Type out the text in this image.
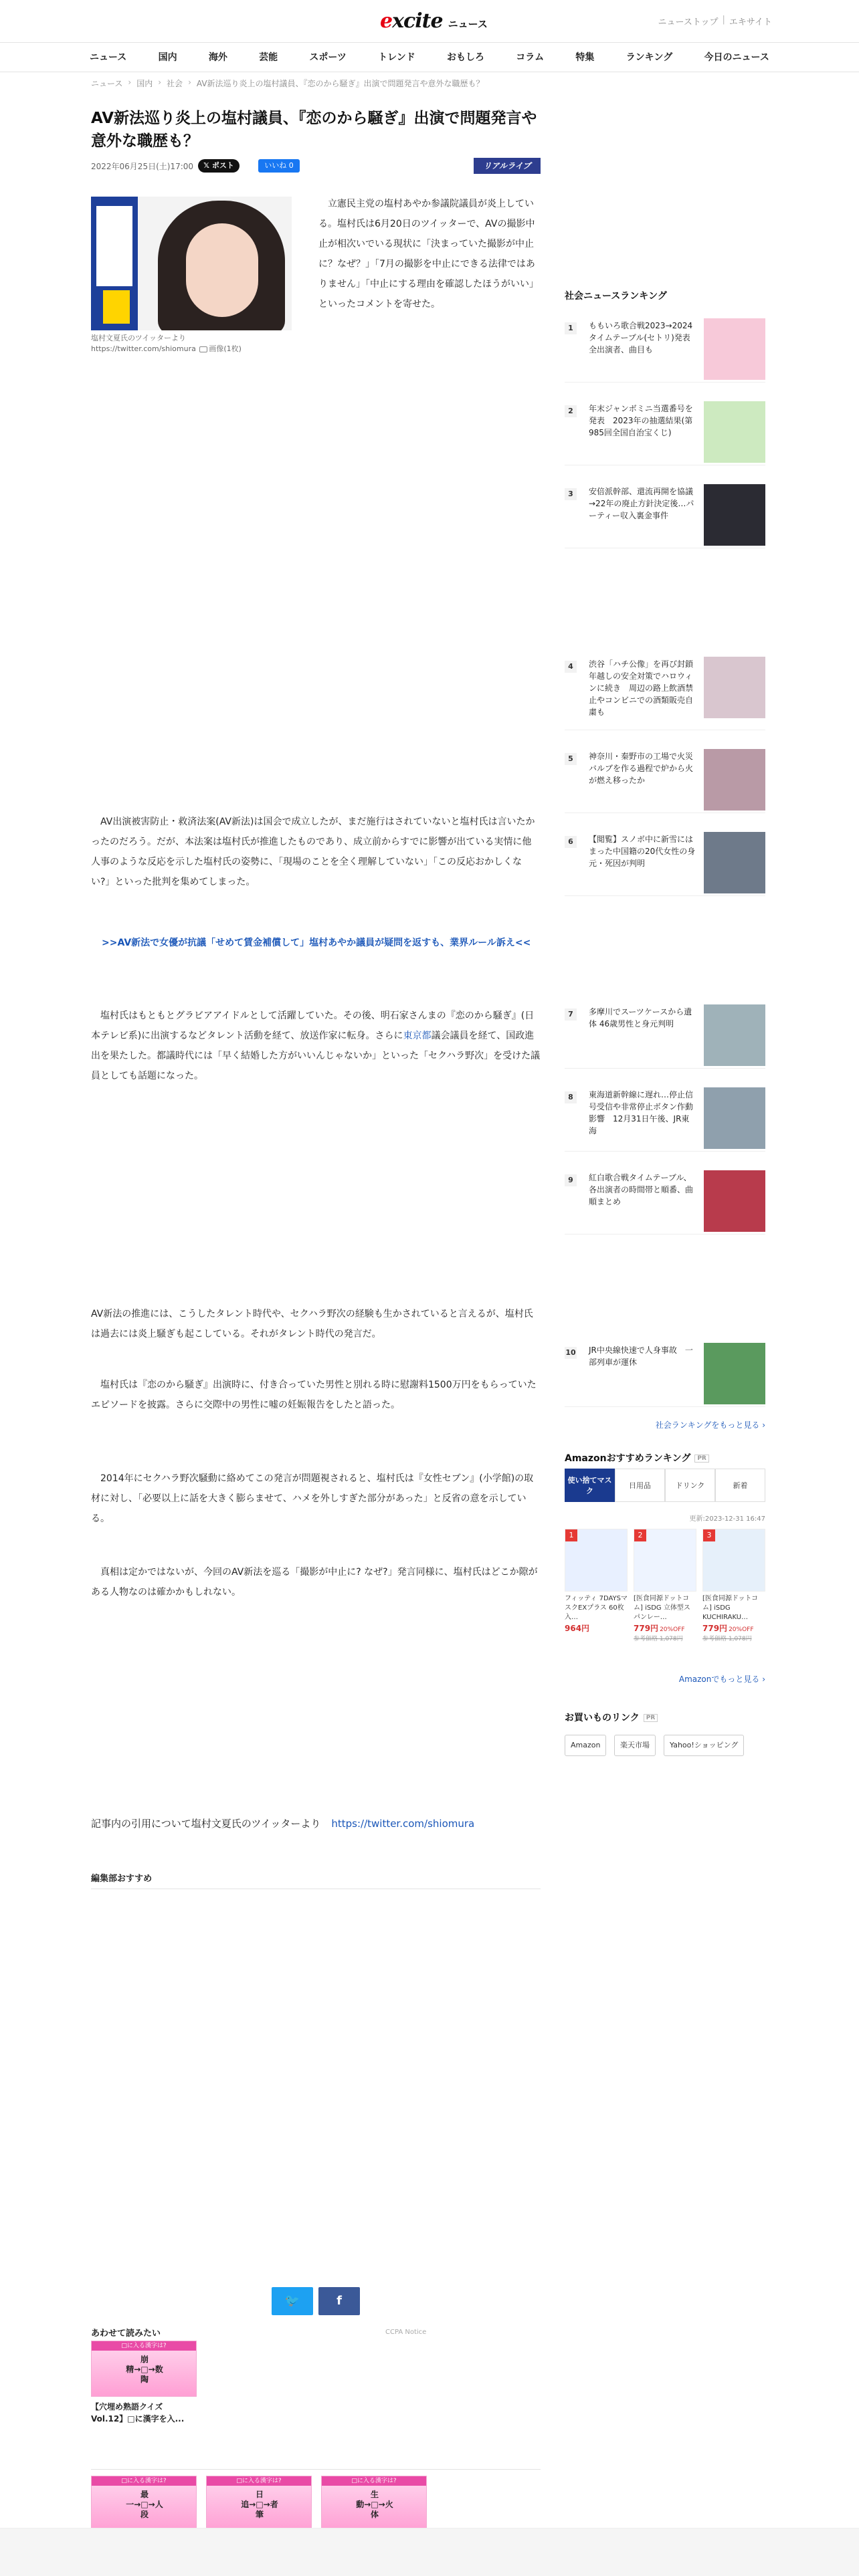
excite ニュース	ニューストップ | エキサイト
ニュース	国内	海外	芸能	スポーツ	トレンド	おもしろ	コラム	特集	ランキング	今日のニュース
ニュース › 国内 › 社会 › AV新法巡り炎上の塩村議員、『恋のから騒ぎ』出演で問題発言や意外な職歴も？
AV新法巡り炎上の塩村議員、『恋のから騒ぎ』出演で問題発言や意外な職歴も？
2022年06月25日(土)17:00	𝕏 ポスト	いいね 0	リアルライブ
塩村文夏氏のツイッターより　https://twitter.com/shiomura 画像(1枚)

立憲民主党の塩村あやか参議院議員が炎上している。塩村氏は6月20日のツイッターで、AVの撮影中止が相次いでいる現状に「決まっていた撮影が中止に？なぜ？」「7月の撮影を中止にできる法律ではありません」「中止にする理由を確認したほうがいい」といったコメントを寄せた。

AV出演被害防止・救済法案(AV新法)は国会で成立したが、まだ施行はされていないと塩村氏は言いたかったのだろう。だが、本法案は塩村氏が推進したものであり、成立前からすでに影響が出ている実情に他人事のような反応を示した塩村氏の姿勢に、「現場のことを全く理解していない」「この反応おかしくない?」といった批判を集めてしまった。

>>AV新法で女優が抗議「せめて賃金補償して」塩村あやか議員が疑問を返すも、業界ルール訴え<<

塩村氏はもともとグラビアアイドルとして活躍していた。その後、明石家さんまの『恋のから騒ぎ』(日本テレビ系)に出演するなどタレント活動を経て、放送作家に転身。さらに東京都議会議員を経て、国政進出を果たした。都議時代には「早く結婚した方がいいんじゃないか」といった「セクハラ野次」を受けた議員としても話題になった。

AV新法の推進には、こうしたタレント時代や、セクハラ野次の経験も生かされていると言えるが、塩村氏は過去には炎上騒ぎも起こしている。それがタレント時代の発言だ。

塩村氏は『恋のから騒ぎ』出演時に、付き合っていた男性と別れる時に慰謝料1500万円をもらっていたエピソードを披露。さらに交際中の男性に嘘の妊娠報告をしたと語った。

2014年にセクハラ野次騒動に絡めてこの発言が問題視されると、塩村氏は『女性セブン』(小学館)の取材に対し、「必要以上に話を大きく膨らませて、ハメを外しすぎた部分があった」と反省の意を示している。

真相は定かではないが、今回のAV新法を巡る「撮影が中止に? なぜ?」発言同様に、塩村氏はどこか隙がある人物なのは確かかもしれない。

記事内の引用について塩村文夏氏のツイッターより https://twitter.com/shiomura
編集部おすすめ
🐦	f
あわせて読みたい	CCPA Notice
□に入る漢字は?
崩
精→□→数
陶
【穴埋め熟語クイズ Vol.12】□に漢字を入...
□に入る漢字は?
最
一→□→人
段
□に入る漢字は?
日
追→□→者
筆
□に入る漢字は?
生
動→□→火
体
社会ニュースランキング
1	ももいろ歌合戦2023→2024タイムテーブル(セトリ)発表　全出演者、曲目も
2	年末ジャンボミニ当選番号を発表　2023年の抽選結果(第985回全国自治宝くじ)
3	安倍派幹部、還流再開を協議→22年の廃止方針決定後…パーティー収入裏金事件
4	渋谷「ハチ公像」を再び封鎖　年越しの安全対策でハロウィンに続き　周辺の路上飲酒禁止やコンビニでの酒類販売自粛も
5	神奈川・秦野市の工場で火災　バルブを作る過程で炉から火が燃え移ったか
6	【閲覧】スノボ中に新雪にはまった中国籍の20代女性の身元・死因が判明
7	多摩川でスーツケースから遺体 46歳男性と身元判明
8	東海道新幹線に遅れ…停止信号受信や非常停止ボタン作動影響　12月31日午後、JR東海
9	紅白歌合戦タイムテーブル、各出演者の時間帯と順番、曲順まとめ
10 JR中央線快速で人身事故　一部列車が運休
社会ランキングをもっと見る ›
Amazonおすすめランキング PR
使い捨てマスク
日用品	ドリンク	新着
更新:2023-12-31 16:47
1
フィッティ 7DAYSマスクEXプラス 60枚入…
964円
2
[医食同源ドットコム] iSDG 立体型スパンレー…
779円 20%OFF
参考価格 1,078円
3
[医食同源ドットコム] iSDG KUCHIRAKU…
779円 20%OFF
参考価格 1,078円
Amazonでもっと見る ›
お買いものリンク PR
Amazon	楽天市場	Yahoo!ショッピング
